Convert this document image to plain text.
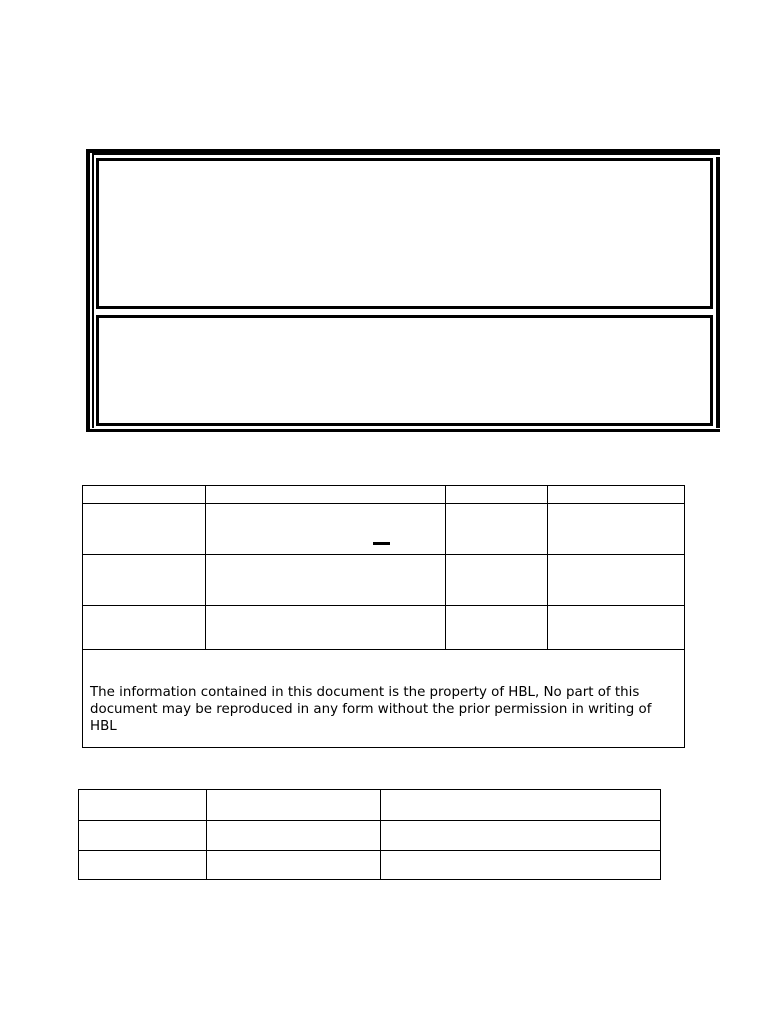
The information contained in this document is the property of HBL, No part of this document may be reproduced in any form without the prior permission in writing of HBL			
